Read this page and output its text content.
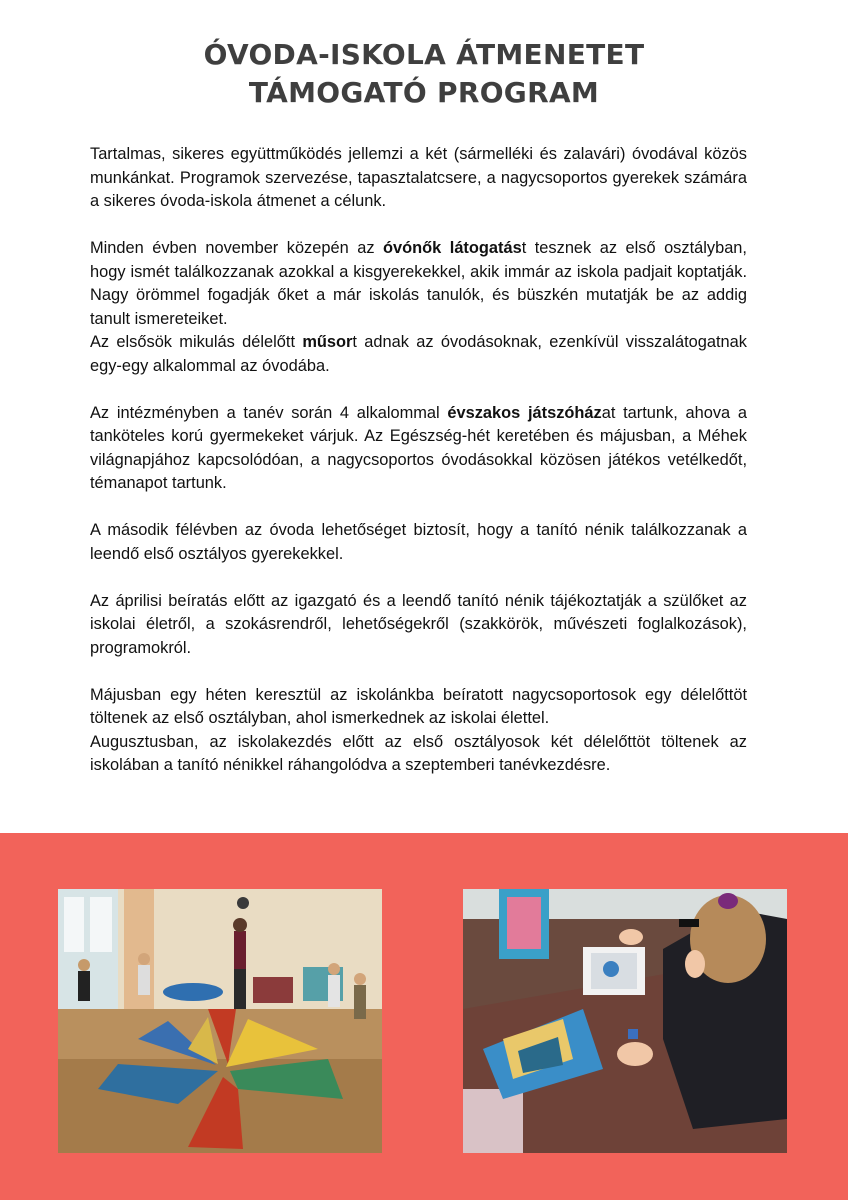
ÓVODA-ISKOLA ÁTMENETET
TÁMOGATÓ PROGRAM

Tartalmas, sikeres együttműködés jellemzi a két (sármelléki és zalavári) óvodával közös munkánkat. Programok szervezése, tapasztalatcsere, a nagycsoportos gyerekek számára a sikeres óvoda-iskola átmenet a célunk.

Minden évben november közepén az óvónők látogatást tesznek az első osztályban, hogy ismét találkozzanak azokkal a kisgyerekekkel, akik immár az iskola padjait koptatják. Nagy örömmel fogadják őket a már iskolás tanulók, és büszkén mutatják be az addig tanult ismereteiket.

Az elsősök mikulás délelőtt műsort adnak az óvodásoknak, ezenkívül visszalátogatnak egy-egy alkalommal az óvodába.

Az intézményben a tanév során 4 alkalommal évszakos játszóházat tartunk, ahova a tanköteles korú gyermekeket várjuk. Az Egészség-hét keretében és májusban, a Méhek világnapjához kapcsolódóan, a nagycsoportos óvodásokkal közösen játékos vetélkedőt, témanapot tartunk.

A második félévben az óvoda lehetőséget biztosít, hogy a tanító nénik találkozzanak a leendő első osztályos gyerekekkel.

Az áprilisi beíratás előtt az igazgató és a leendő tanító nénik tájékoztatják a szülőket az iskolai életről, a szokásrendről, lehetőségekről (szakkörök, művészeti foglalkozások), programokról.

Májusban egy héten keresztül az iskolánkba beíratott nagycsoportosok egy délelőttöt töltenek az első osztályban, ahol ismerkednek az iskolai élettel.

Augusztusban, az iskolakezdés előtt az első osztályosok két délelőttöt töltenek az iskolában a tanító nénikkel ráhangolódva a szeptemberi tanévkezdésre.
